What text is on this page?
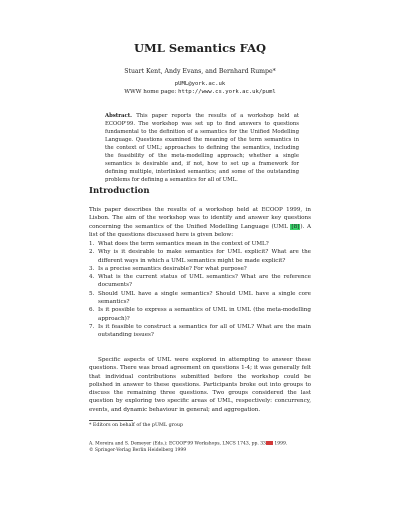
UML Semantics FAQ
Stuart Kent, Andy Evans, and Bernhard Rumpe*
pUML@york.ac.uk
WWW home page: http://www.cs.york.ac.uk/puml
Abstract. This paper reports the results of a workshop held at ECOOP'99. The workshop was set up to find answers to questions fundamental to the definition of a semantics for the Unified Modelling Language. Questions examined the meaning of the term semantics in the context of UML; approaches to defining the semantics, including the feasibility of the meta-modelling approach; whether a single semantics is desirable and, if not, how to set up a framework for defining multiple, interlinked semantics; and some of the outstanding problems for defining a semantics for all of UML.
Introduction
This paper describes the results of a workshop held at ECOOP 1999, in Lisbon. The aim of the workshop was to identify and answer key questions concerning the semantics of the Unified Modelling Language (UML [8]). A list of the questions discussed here is given below:
1. What does the term semantics mean in the context of UML?
2. Why is it desirable to make semantics for UML explicit? What are the different ways in which a UML semantics might be made explicit?
3. Is a precise semantics desirable? For what purpose?
4. What is the current status of UML semantics? What are the reference documents?
5. Should UML have a single semantics? Should UML have a single core semantics?
6. Is it possible to express a semantics of UML in UML (the meta-modelling approach)?
7. Is it feasible to construct a semantics for all of UML? What are the main outstanding issues?
Specific aspects of UML were explored in attempting to answer these questions. There was broad agreement on questions 1-4; it was generally felt that individual contributions submitted before the workshop could be polished in answer to these questions. Participants broke out into groups to discuss the remaining three questions. Two groups considered the last question by exploring two specific areas of UML, respectively: concurrency, events, and dynamic behaviour in general; and aggregation.
* Editors on behalf of the pUML group
A. Moreira and S. Demeyer (Eds.): ECOOP'99 Workshops, LNCS 1743, pp. 33 1999.
© Springer-Verlag Berlin Heidelberg 1999
